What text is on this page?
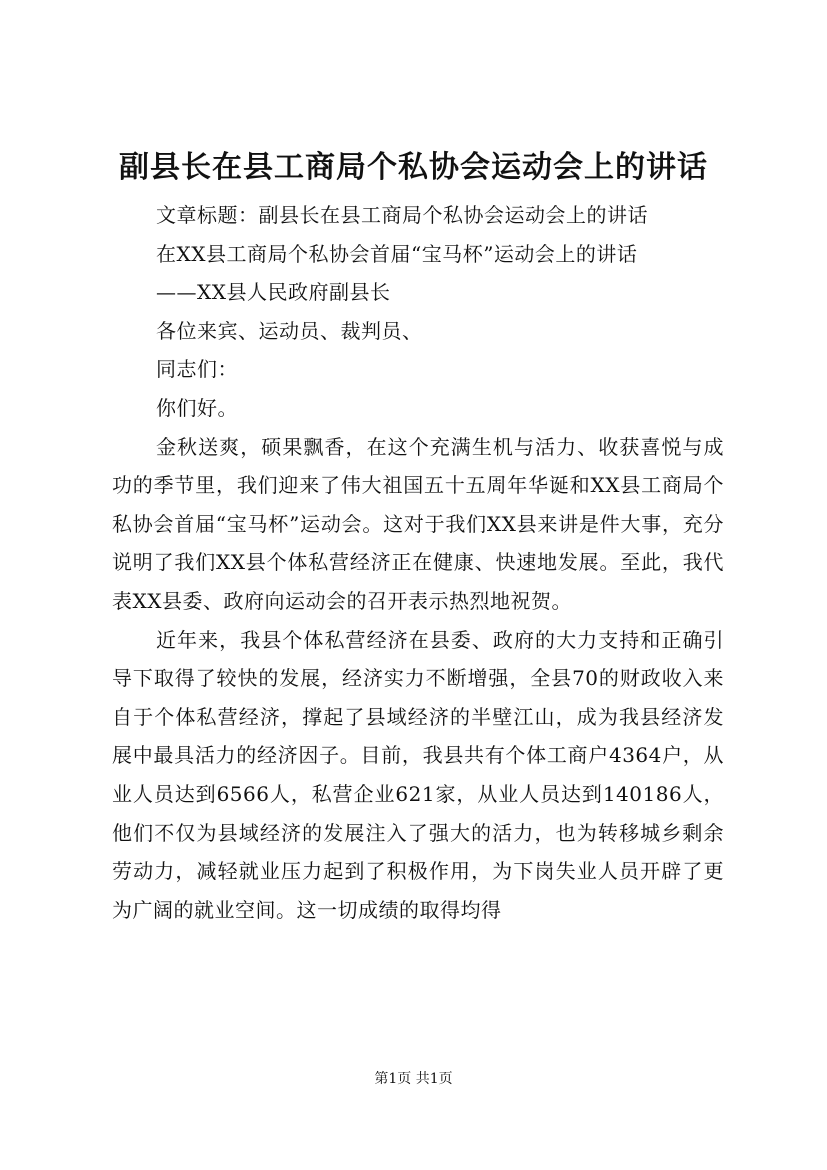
副县长在县工商局个私协会运动会上的讲话

文章标题：副县长在县工商局个私协会运动会上的讲话

在XX县工商局个私协会首届“宝马杯”运动会上的讲话

——XX县人民政府副县长

各位来宾、运动员、裁判员、

同志们：

你们好。

金秋送爽，硕果飘香，在这个充满生机与活力、收获喜悦与成功的季节里，我们迎来了伟大祖国五十五周年华诞和XX县工商局个私协会首届“宝马杯”运动会。这对于我们XX县来讲是件大事，充分说明了我们XX县个体私营经济正在健康、快速地发展。至此，我代表XX县委、政府向运动会的召开表示热烈地祝贺。

近年来，我县个体私营经济在县委、政府的大力支持和正确引导下取得了较快的发展，经济实力不断增强，全县70的财政收入来自于个体私营经济，撑起了县域经济的半壁江山，成为我县经济发展中最具活力的经济因子。目前，我县共有个体工商户4364户，从业人员达到6566人，私营企业621家，从业人员达到140186人，他们不仅为县域经济的发展注入了强大的活力，也为转移城乡剩余劳动力，减轻就业压力起到了积极作用，为下岗失业人员开辟了更为广阔的就业空间。这一切成绩的取得均得

第1页 共1页
